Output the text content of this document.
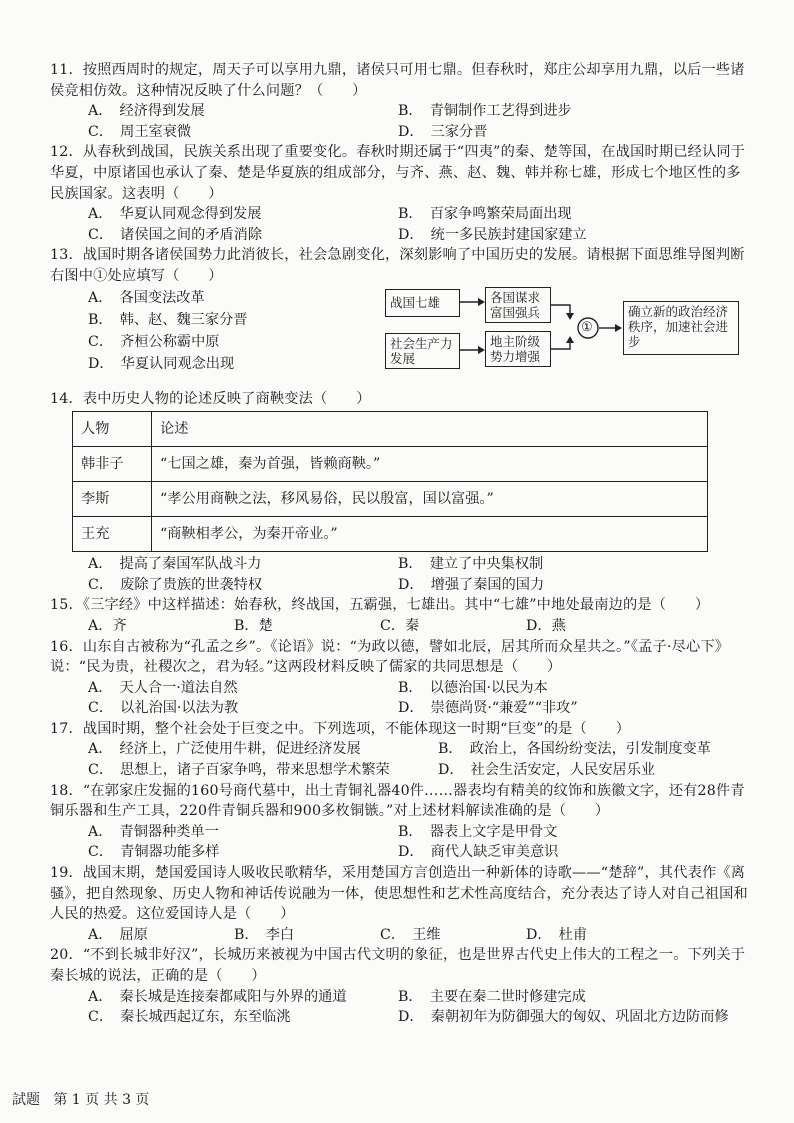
11．按照西周时的规定，周天子可以享用九鼎，诸侯只可用七鼎。但春秋时，郑庄公却享用九鼎，以后一些诸侯竞相仿效。这种情况反映了什么问题？（　　）

A．　经济得到发展	B．　青铜制作工艺得到进步
C．　周王室衰微	D．　三家分晋

12．从春秋到战国，民族关系出现了重要变化。春秋时期还属于“四夷”的秦、楚等国，在战国时期已经认同于华夏，中原诸国也承认了秦、楚是华夏族的组成部分，与齐、燕、赵、魏、韩并称七雄，形成七个地区性的多民族国家。这表明（　　）

A．　华夏认同观念得到发展	B．　百家争鸣繁荣局面出现
C．　诸侯国之间的矛盾消除	D．　统一多民族封建国家建立

13．战国时期各诸侯国势力此消彼长，社会急剧变化，深刻影响了中国历史的发展。请根据下面思维导图判断右图中①处应填写（　　）

A．　各国变法改革
B．　韩、赵、魏三家分晋
C．　齐桓公称霸中原
D．　华夏认同观念出现
战国七雄	各国谋求富国强兵
社会生产力发展
地主阶级势力增强
①
确立新的政治经济秩序，加速社会进步

14．表中历史人物的论述反映了商鞅变法（　　）

人物	论述
韩非子	“七国之雄，秦为首强，皆赖商鞅。”
李斯	“孝公用商鞅之法，移风易俗，民以殷富，国以富强。”
王充	“商鞅相孝公，为秦开帝业。”
A．　提高了秦国军队战斗力	B．　建立了中央集权制
C．　废除了贵族的世袭特权	D．　增强了秦国的国力

15．《三字经》中这样描述：始春秋，终战国，五霸强，七雄出。其中“七雄”中地处最南边的是（　　）

A．齐	B．楚	C．秦	D．燕

16．山东自古被称为“孔孟之乡”。《论语》说：“为政以德，譬如北辰，居其所而众星共之。”《孟子·尽心下》说：“民为贵，社稷次之，君为轻。”这两段材料反映了儒家的共同思想是（　　）

A．　天人合一·道法自然	B．　以德治国·以民为本
C．　以礼治国·以法为教	D．　崇德尚贤·“兼爱”“非攻”

17．战国时期，整个社会处于巨变之中。下列选项，不能体现这一时期“巨变”的是（　　）

A．　经济上，广泛使用牛耕，促进经济发展	B．　政治上，各国纷纷变法，引发制度变革
C．　思想上，诸子百家争鸣，带来思想学术繁荣	D．　社会生活安定，人民安居乐业

18．“在郭家庄发掘的160号商代墓中，出土青铜礼器40件……器表均有精美的纹饰和族徽文字，还有28件青铜乐器和生产工具，220件青铜兵器和900多枚铜镞。”对上述材料解读准确的是（　　）

A．　青铜器种类单一	B．　器表上文字是甲骨文
C．　青铜器功能多样	D．　商代人缺乏审美意识

19．战国末期，楚国爱国诗人吸收民歌精华，采用楚国方言创造出一种新体的诗歌——“楚辞”，其代表作《离骚》，把自然现象、历史人物和神话传说融为一体，使思想性和艺术性高度结合，充分表达了诗人对自己祖国和人民的热爱。这位爱国诗人是（　　）

A．　屈原	B．　李白	C．　王维	D．　杜甫

20．“不到长城非好汉”，长城历来被视为中国古代文明的象征，也是世界古代史上伟大的工程之一。下列关于秦长城的说法，正确的是（　　）

A．　秦长城是连接秦都咸阳与外界的通道	B．　主要在秦二世时修建完成
C．　秦长城西起辽东，东至临洮	D．　秦朝初年为防御强大的匈奴、巩固北方边防而修
試题 第 1 页 共 3 页
